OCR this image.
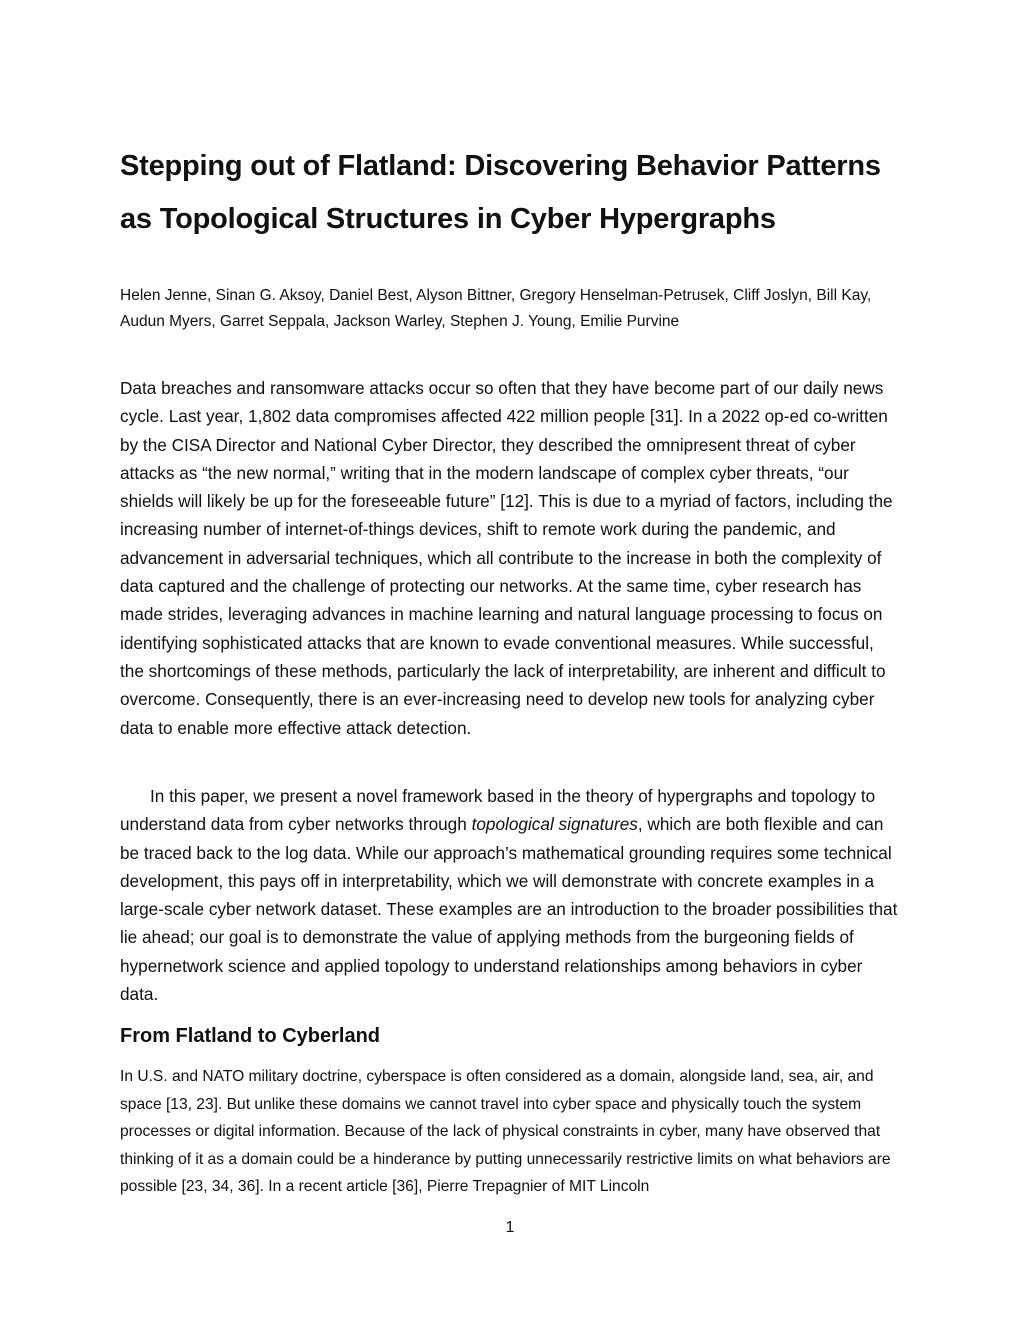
Stepping out of Flatland: Discovering Behavior Patterns as Topological Structures in Cyber Hypergraphs

Helen Jenne, Sinan G. Aksoy, Daniel Best, Alyson Bittner, Gregory Henselman-Petrusek, Cliff Joslyn, Bill Kay, Audun Myers, Garret Seppala, Jackson Warley, Stephen J. Young, Emilie Purvine

Data breaches and ransomware attacks occur so often that they have become part of our daily news cycle. Last year, 1,802 data compromises affected 422 million people [31]. In a 2022 op-ed co-written by the CISA Director and National Cyber Director, they described the omnipresent threat of cyber attacks as “the new normal,” writing that in the modern landscape of complex cyber threats, “our shields will likely be up for the foreseeable future” [12]. This is due to a myriad of factors, including the increasing number of internet-of-things devices, shift to remote work during the pandemic, and advancement in adversarial techniques, which all contribute to the increase in both the complexity of data captured and the challenge of protecting our networks. At the same time, cyber research has made strides, leveraging advances in machine learning and natural language processing to focus on identifying sophisticated attacks that are known to evade conventional measures. While successful, the shortcomings of these methods, particularly the lack of interpretability, are inherent and difficult to overcome. Consequently, there is an ever-increasing need to develop new tools for analyzing cyber data to enable more effective attack detection.

In this paper, we present a novel framework based in the theory of hypergraphs and topology to understand data from cyber networks through topological signatures, which are both flexible and can be traced back to the log data. While our approach’s mathematical grounding requires some technical development, this pays off in interpretability, which we will demonstrate with concrete examples in a large-scale cyber network dataset. These examples are an introduction to the broader possibilities that lie ahead; our goal is to demonstrate the value of applying methods from the burgeoning fields of hypernetwork science and applied topology to understand relationships among behaviors in cyber data.

From Flatland to Cyberland

In U.S. and NATO military doctrine, cyberspace is often considered as a domain, alongside land, sea, air, and space [13, 23]. But unlike these domains we cannot travel into cyber space and physically touch the system processes or digital information. Because of the lack of physical constraints in cyber, many have observed that thinking of it as a domain could be a hinderance by putting unnecessarily restrictive limits on what behaviors are possible [23, 34, 36]. In a recent article [36], Pierre Trepagnier of MIT Lincoln

1
